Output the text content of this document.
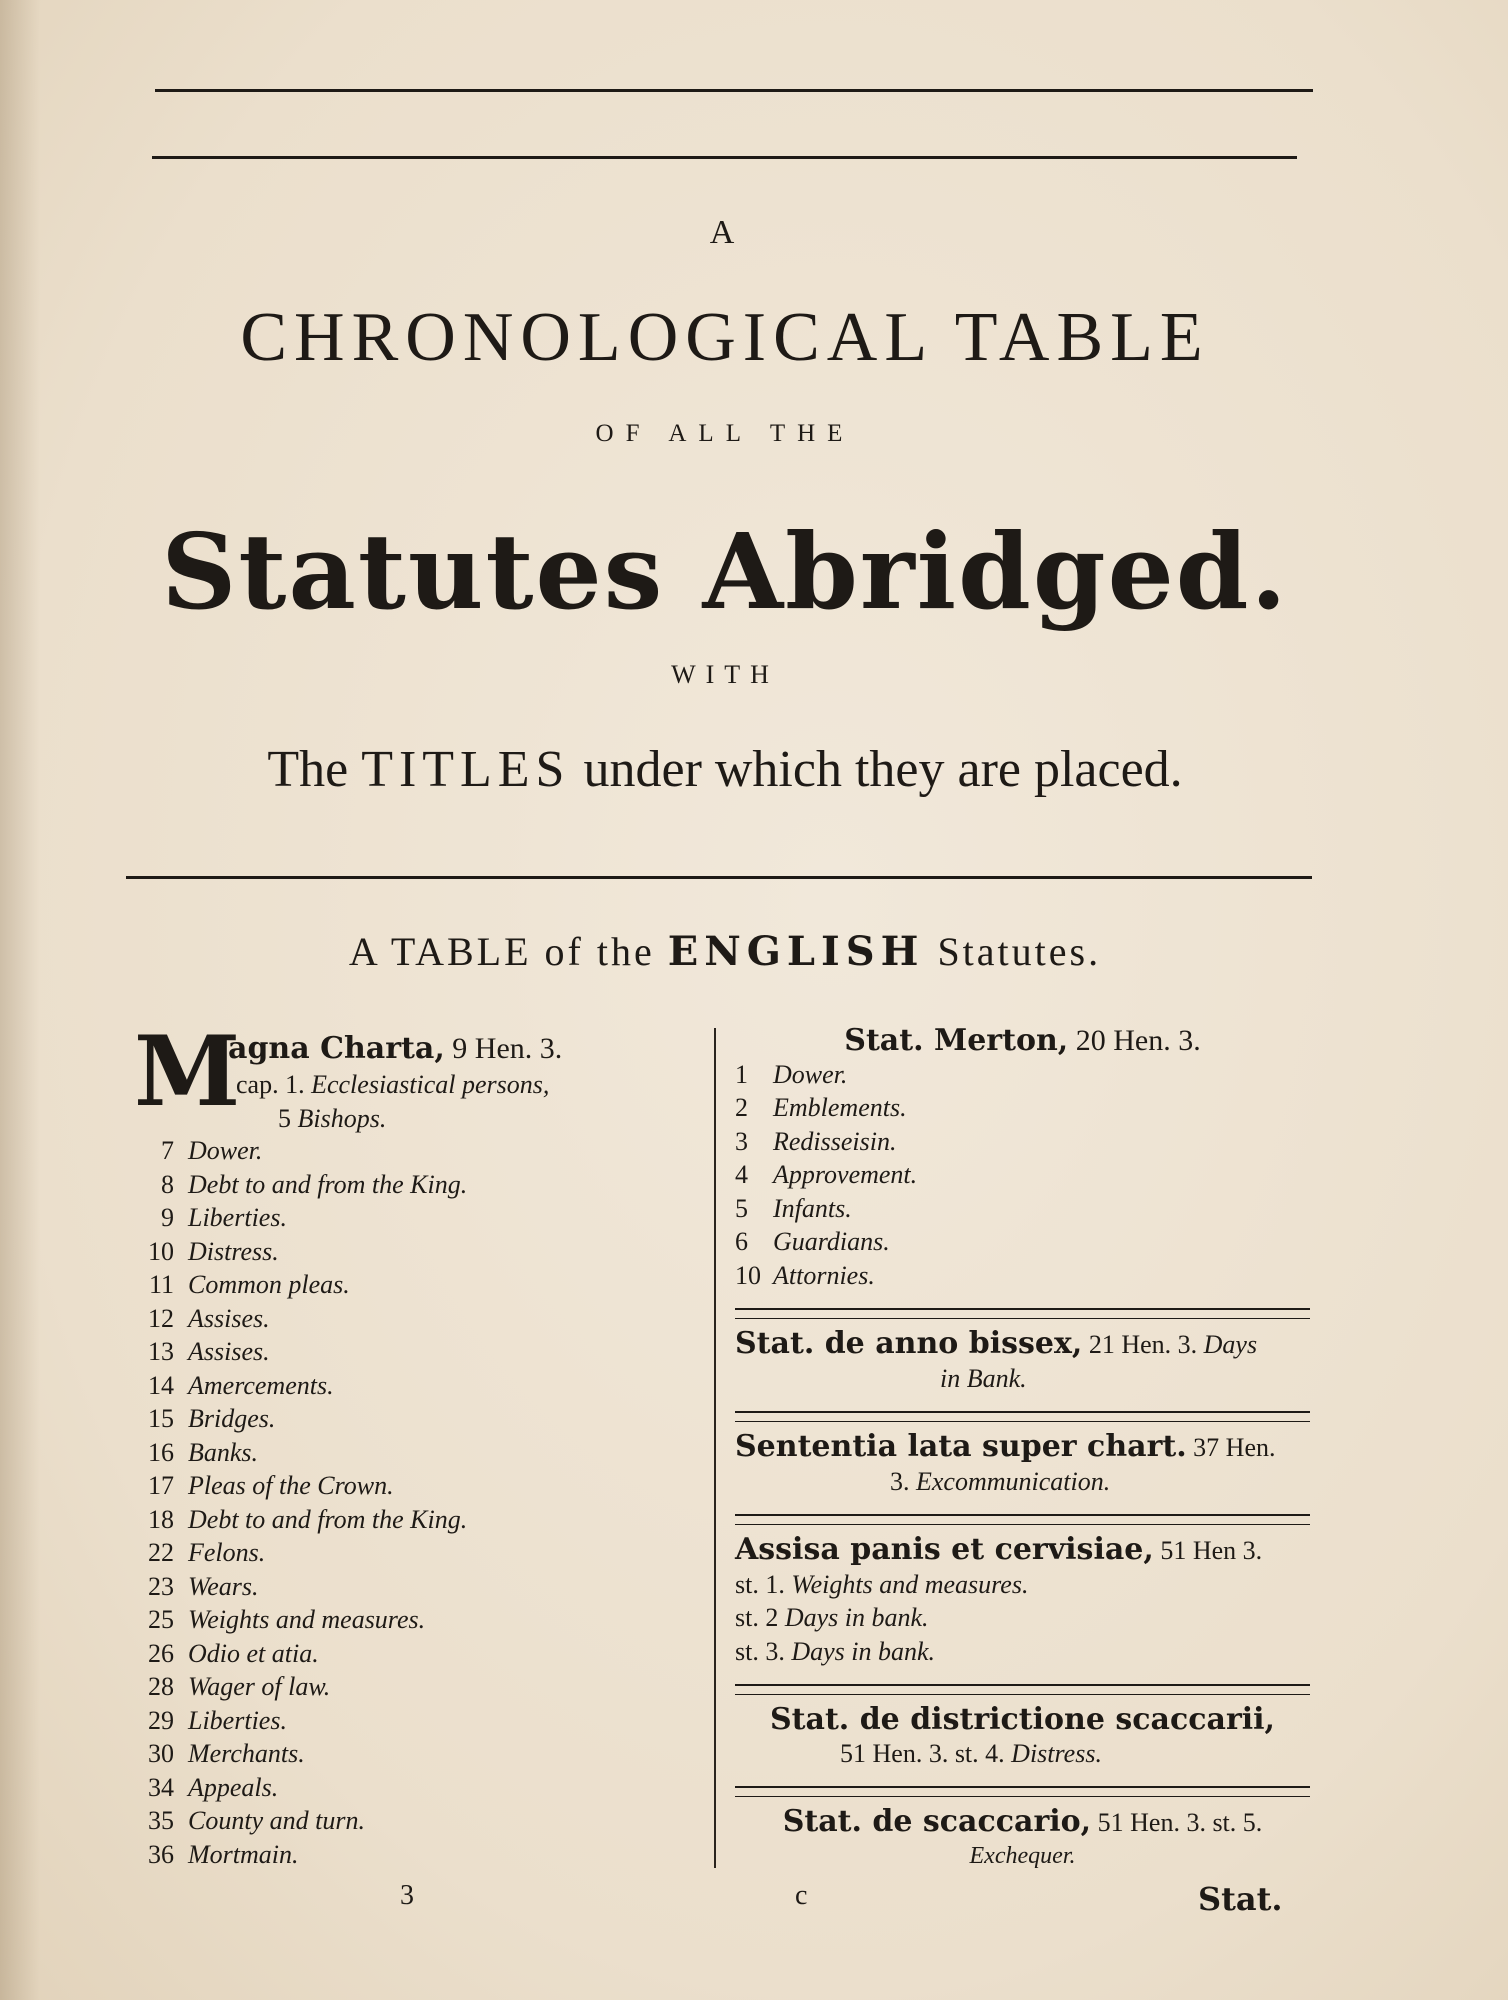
A
CHRONOLOGICAL TABLE
OF ALL THE
Statutes Abridged.
WITH
The TITLES under which they are placed.
A TABLE of the ENGLISH Statutes.
M
agna Charta, 9 Hen. 3.
cap. 1. Ecclesiastical persons,
5 Bishops.
7 Dower.
8 Debt to and from the King.
9 Liberties.
10 Distress.
11 Common pleas.
12 Assises.
13 Assises.
14 Amercements.
15 Bridges.
16 Banks.
17 Pleas of the Crown.
18 Debt to and from the King.
22 Felons.
23 Wears.
25 Weights and measures.
26 Odio et atia.
28 Wager of law.
29 Liberties.
30 Merchants.
34 Appeals.
35 County and turn.
36 Mortmain.
Stat. Merton, 20 Hen. 3.
1 Dower.
2 Emblements.
3 Redisseisin.
4 Approvement.
5 Infants.
6 Guardians.
10 Attornies.
Stat. de anno bissex, 21 Hen. 3. Days
in Bank.
Sententia lata super chart. 37 Hen.
3. Excommunication.
Assisa panis et cervisiae, 51 Hen 3.
st. 1. Weights and measures.
st. 2 Days in bank.
st. 3. Days in bank.
Stat. de districtione scaccarii,
51 Hen. 3. st. 4. Distress.
Stat. de scaccario, 51 Hen. 3. st. 5.
Exchequer.
3	c	Stat.
